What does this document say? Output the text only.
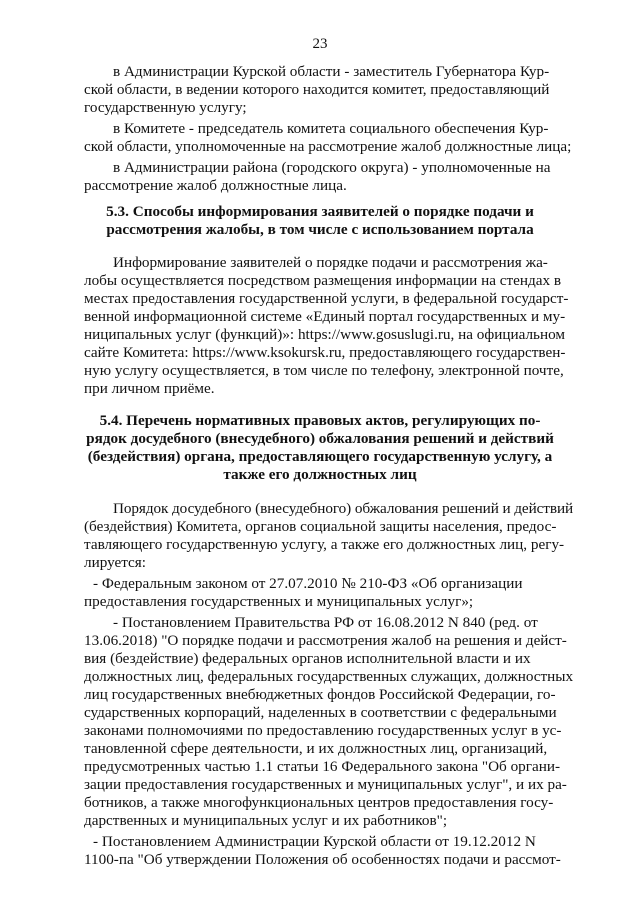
23
в Администрации Курской области - заместитель Губернатора Кур-
ской области, в ведении которого находится комитет, предоставляющий
государственную услугу;
в Комитете - председатель комитета социального обеспечения Кур-
ской области, уполномоченные на рассмотрение жалоб должностные лица;
в Администрации района (городского округа) - уполномоченные на
рассмотрение жалоб должностные лица.
5.3. Способы информирования заявителей о порядке подачи и
рассмотрения жалобы, в том числе с использованием портала
Информирование заявителей о порядке подачи и рассмотрения жа-
лобы осуществляется посредством размещения информации на стендах в
местах предоставления государственной услуги, в федеральной государст-
венной информационной системе «Единый портал государственных и му-
ниципальных услуг (функций)»: https://www.gosuslugi.ru, на официальном
сайте Комитета: https://www.ksokursk.ru, предоставляющего государствен-
ную услугу осуществляется, в том числе по телефону, электронной почте,
при личном приёме.
5.4. Перечень нормативных правовых актов, регулирующих по-
рядок досудебного (внесудебного) обжалования решений и действий
(бездействия) органа, предоставляющего государственную услугу, а
также его должностных лиц
Порядок досудебного (внесудебного) обжалования решений и действий
(бездействия) Комитета, органов социальной защиты населения, предос-
тавляющего государственную услугу, а также его должностных лиц, регу-
лируется:
- Федеральным законом от 27.07.2010 № 210-ФЗ «Об организации
предоставления государственных и муниципальных услуг»;
- Постановлением Правительства РФ от 16.08.2012 N 840 (ред. от
13.06.2018) "О порядке подачи и рассмотрения жалоб на решения и дейст-
вия (бездействие) федеральных органов исполнительной власти и их
должностных лиц, федеральных государственных служащих, должностных
лиц государственных внебюджетных фондов Российской Федерации, го-
сударственных корпораций, наделенных в соответствии с федеральными
законами полномочиями по предоставлению государственных услуг в ус-
тановленной сфере деятельности, и их должностных лиц, организаций,
предусмотренных частью 1.1 статьи 16 Федерального закона "Об органи-
зации предоставления государственных и муниципальных услуг", и их ра-
ботников, а также многофункциональных центров предоставления госу-
дарственных и муниципальных услуг и их работников";
- Постановлением Администрации Курской области от 19.12.2012 N
1100-па "Об утверждении Положения об особенностях подачи и рассмот-
